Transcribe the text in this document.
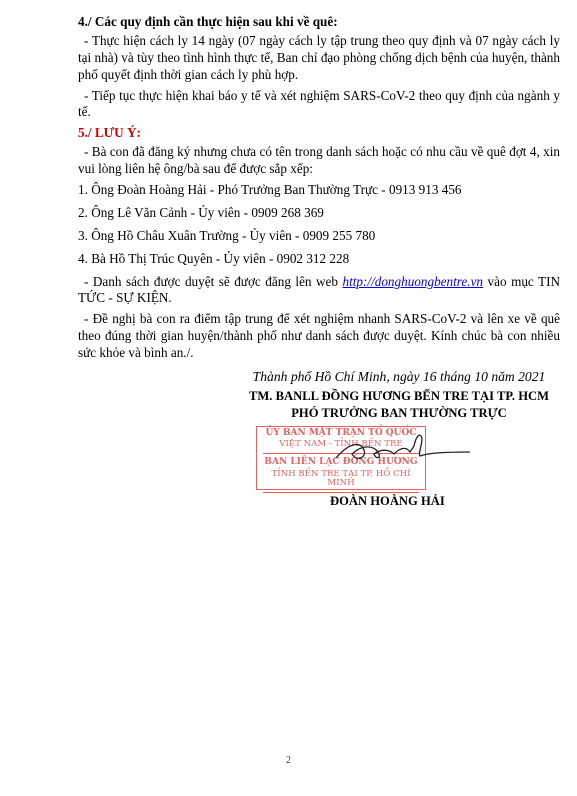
4./ Các quy định cần thực hiện sau khi về quê:
- Thực hiện cách ly 14 ngày (07 ngày cách ly tập trung theo quy định và 07 ngày cách ly tại nhà) và tùy theo tình hình thực tế, Ban chỉ đạo phòng chống dịch bệnh của huyện, thành phố quyết định thời gian cách ly phù hợp.
- Tiếp tục thực hiện khai báo y tế và xét nghiệm SARS-CoV-2 theo quy định của ngành y tế.
5./ LƯU Ý:
- Bà con đã đăng ký nhưng chưa có tên trong danh sách hoặc có nhu cầu về quê đợt 4, xin vui lòng liên hệ ông/bà sau để được sắp xếp:
1. Ông Đoàn Hoàng Hải - Phó Trưởng Ban Thường Trực - 0913 913 456
2. Ông Lê Văn Cảnh - Ủy viên - 0909 268 369
3. Ông Hồ Châu Xuân Trường - Ủy viên - 0909 255 780
4. Bà Hồ Thị Trúc Quyên - Ủy viên - 0902 312 228
- Danh sách được duyệt sẽ được đăng lên web http://donghuongbentre.vn vào mục TIN TỨC - SỰ KIỆN.
- Đề nghị bà con ra điểm tập trung để xét nghiệm nhanh SARS-CoV-2 và lên xe về quê theo đúng thời gian huyện/thành phố như danh sách được duyệt. Kính chúc bà con nhiều sức khỏe và bình an./.
Thành phố Hồ Chí Minh, ngày 16 tháng 10 năm 2021
TM. BANLL ĐỒNG HƯƠNG BẾN TRE TẠI TP. HCM
PHÓ TRƯỞNG BAN THƯỜNG TRỰC
ỦY BAN MẶT TRẬN TỔ QUỐC
VIỆT NAM - TỈNH BẾN TRE
BAN LIÊN LẠC ĐỒNG HƯƠNG
TỈNH BẾN TRE TẠI TP. HỒ CHÍ MINH
ĐOÀN HOÀNG HẢI
2
